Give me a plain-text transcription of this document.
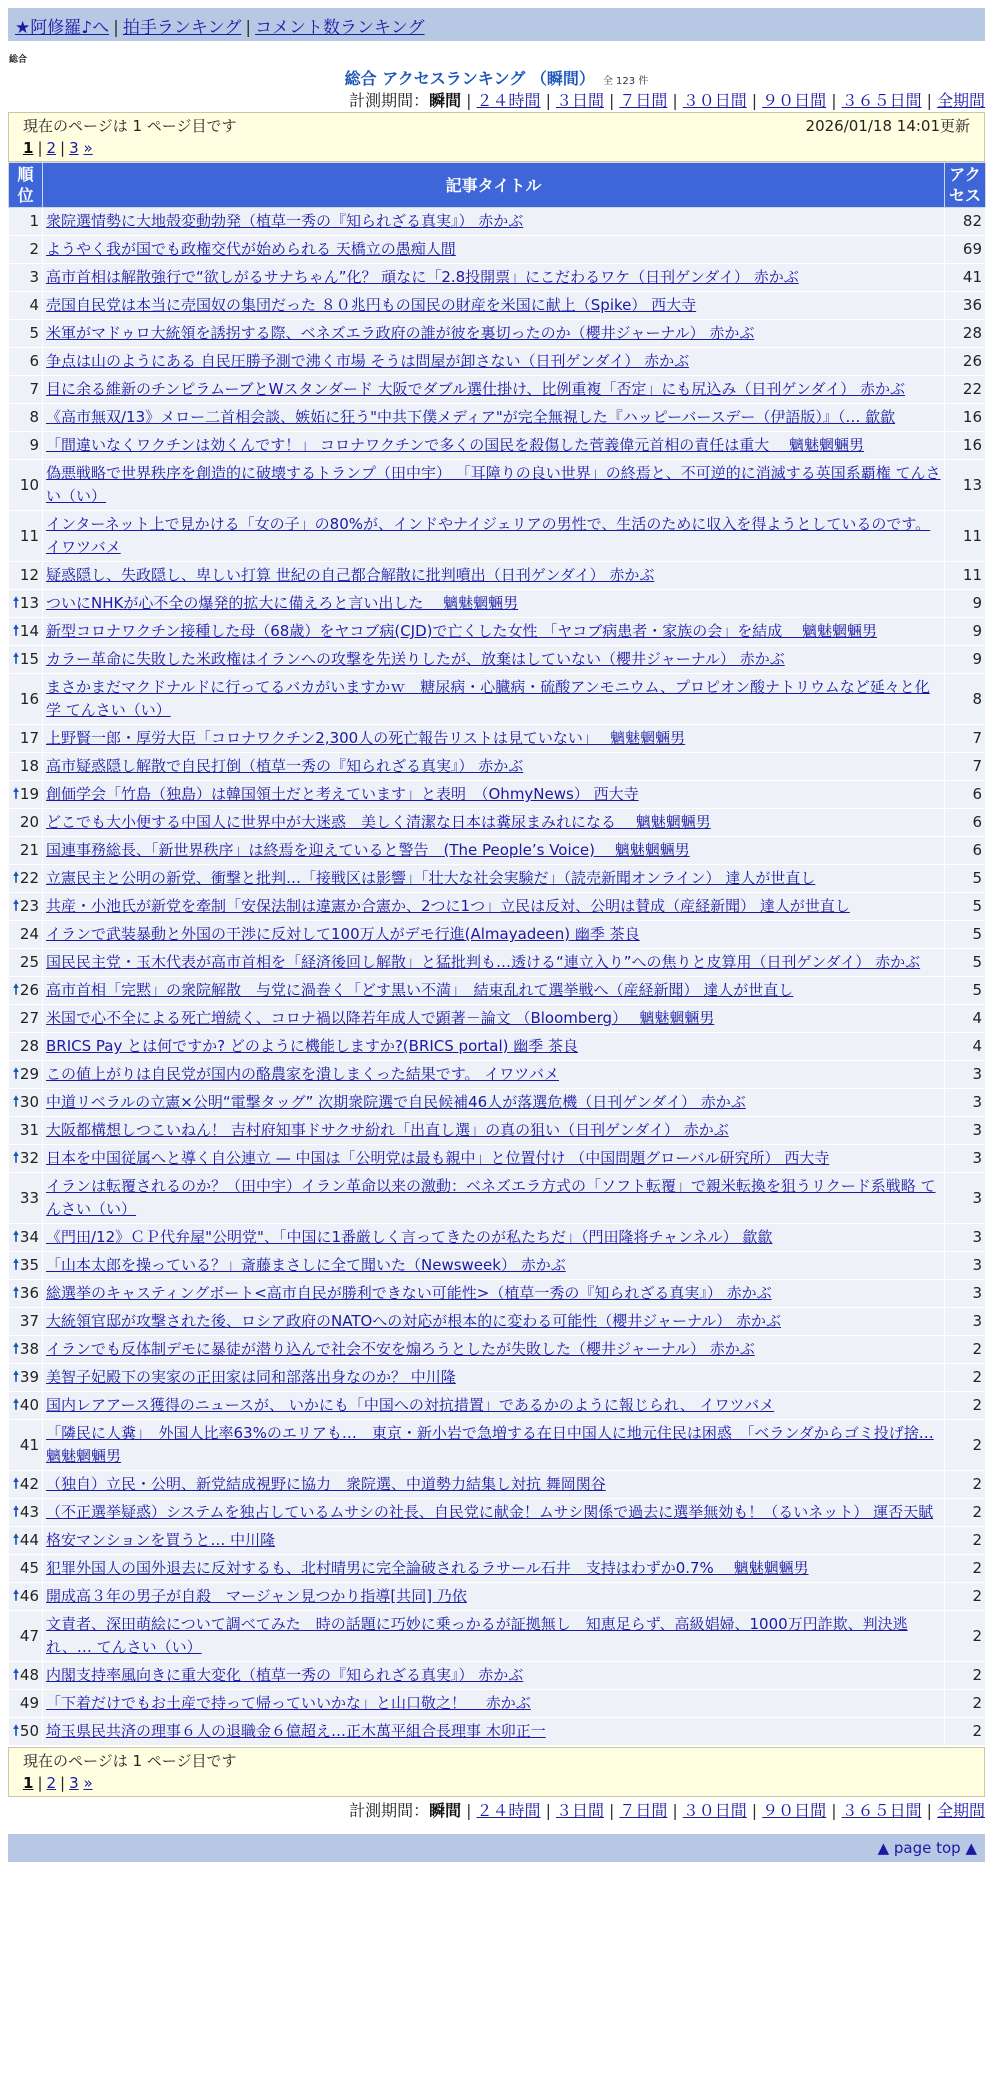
★阿修羅♪へ | 拍手ランキング | コメント数ランキング
総合
総合 アクセスランキング （瞬間） 全 123 件
計測期間：瞬間 | ２４時間 | ３日間 | ７日間 | ３０日間 | ９０日間 | ３６５日間 | 全期間
現在のページは 1 ページ目です	2026/01/18 14:01更新
1 | 2 | 3 »
順位	記事タイトル	アクセス
1	衆院選情勢に大地殻変動勃発（植草一秀の『知られざる真実』） 赤かぶ	82
2	ようやく我が国でも政権交代が始められる 天橋立の愚痴人間	69
3	高市首相は解散強行で“欲しがるサナちゃん”化？ 頑なに「2.8投開票」にこだわるワケ（日刊ゲンダイ） 赤かぶ	41
4	売国自民党は本当に売国奴の集団だった ８０兆円もの国民の財産を米国に献上（Spike） 西大寺	36
5	米軍がマドゥロ大統領を誘拐する際、ベネズエラ政府の誰が彼を裏切ったのか（櫻井ジャーナル） 赤かぶ	28
6	争点は山のようにある 自民圧勝予測で沸く市場 そうは問屋が卸さない（日刊ゲンダイ） 赤かぶ	26
7	目に余る維新のチンピラムーブとWスタンダード 大阪でダブル選仕掛け、比例重複「否定」にも尻込み（日刊ゲンダイ） 赤かぶ	22
8	《高市無双/13》メロー二首相会談、嫉妬に狂う"中共下僕メディア"が完全無視した『ハッピーバースデー（伊語版）』（… 歙歙	16
9	「間違いなくワクチンは効くんです！」 コロナワクチンで多くの国民を殺傷した菅義偉元首相の責任は重大　 魑魅魍魎男	16
10	偽悪戦略で世界秩序を創造的に破壊するトランプ（田中宇） 「耳障りの良い世界」の終焉と、不可逆的に消滅する英国系覇権 てんさい（い）	13
11	インターネット上で見かける「女の子」の80%が、インドやナイジェリアの男性で、生活のために収入を得ようとしているのです。 イワツバメ	11
12	疑惑隠し、失政隠し、卑しい打算 世紀の自己都合解散に批判噴出（日刊ゲンダイ） 赤かぶ	11

🠕 13	ついにNHKが心不全の爆発的拡大に備えろと言い出した　 魑魅魍魎男	9

🠕 14	新型コロナワクチン接種した母（68歳）をヤコブ病(CJD)で亡くした女性 「ヤコブ病患者・家族の会」を結成　 魑魅魍魎男	9

🠕 15	カラー革命に失敗した米政権はイランへの攻撃を先送りしたが、放棄はしていない（櫻井ジャーナル） 赤かぶ	9
16	まさかまだマクドナルドに行ってるバカがいますかｗ　糖尿病・心臓病・硫酸アンモニウム、プロピオン酸ナトリウムなど延々と化学 てんさい（い）	8
17	上野賢一郎・厚労大臣「コロナワクチン2,300人の死亡報告リストは見ていない」　 魑魅魍魎男	7
18	高市疑惑隠し解散で自民打倒（植草一秀の『知られざる真実』） 赤かぶ	7

🠕 19	創価学会「竹島（独島）は韓国領土だと考えています」と表明　（OhmyNews） 西大寺	6
20	どこでも大小便する中国人に世界中が大迷惑　美しく清潔な日本は糞尿まみれになる　 魑魅魍魎男	6
21	国連事務総長、「新世界秩序」は終焉を迎えていると警告　(The People’s Voice)　 魑魅魍魎男	6

🠕 22	立憲民主と公明の新党、衝撃と批判…「接戦区は影響」「壮大な社会実験だ」（読売新聞オンライン） 達人が世直し	5

🠕 23	共産・小池氏が新党を牽制「安保法制は違憲か合憲か、2つに1つ」立民は反対、公明は賛成（産経新聞） 達人が世直し	5
24	イランで武装暴動と外国の干渉に反対して100万人がデモ行進(Almayadeen) 幽季 茶良	5
25	国民民主党・玉木代表が高市首相を「経済後回し解散」と猛批判も…透ける“連立入り”への焦りと皮算用（日刊ゲンダイ） 赤かぶ	5

🠕 26	高市首相「完黙」の衆院解散　与党に渦巻く「どす黒い不満」　結束乱れて選挙戦へ（産経新聞） 達人が世直し	5
27	米国で心不全による死亡増続く、コロナ禍以降若年成人で顕著－論文 （Bloomberg）　 魑魅魍魎男	4
28	BRICS Pay とは何ですか? どのように機能しますか?(BRICS portal) 幽季 茶良	4

🠕 29	この値上がりは自民党が国内の酪農家を潰しまくった結果です。 イワツバメ	3

🠕 30	中道リベラルの立憲×公明“電撃タッグ” 次期衆院選で自民候補46人が落選危機（日刊ゲンダイ） 赤かぶ	3
31	大阪都構想しつこいねん！ 吉村府知事ドサクサ紛れ「出直し選」の真の狙い（日刊ゲンダイ） 赤かぶ	3

🠕 32	日本を中国従属へと導く自公連立 — 中国は「公明党は最も親中」と位置付け （中国問題グローバル研究所） 西大寺	3
33	イランは転覆されるのか？（田中宇）イラン革命以来の激動：ベネズエラ方式の「ソフト転覆」で親米転換を狙うリクード系戦略 てんさい（い）	3

🠕 34	《門田/12》ＣＰ代弁屋"公明党"、「中国に1番厳しく言ってきたのが私たちだ」（門田隆将チャンネル） 歙歙	3

🠕 35	「山本太郎を操っている？」斎藤まさしに全て聞いた（Newsweek） 赤かぶ	3

🠕 36	総選挙のキャスティングボート<高市自民が勝利できない可能性>（植草一秀の『知られざる真実』） 赤かぶ	3
37	大統領官邸が攻撃された後、ロシア政府のNATOへの対応が根本的に変わる可能性（櫻井ジャーナル） 赤かぶ	3

🠕 38	イランでも反体制デモに暴徒が潜り込んで社会不安を煽ろうとしたが失敗した（櫻井ジャーナル） 赤かぶ	2

🠕 39	美智子妃殿下の実家の正田家は同和部落出身なのか？ 中川隆	2

🠕 40	国内レアアース獲得のニュースが、 いかにも「中国への対抗措置」であるかのように報じられ、 イワツバメ	2
41	「隣民に人糞」　外国人比率63%のエリアも…　東京・新小岩で急増する在日中国人に地元住民は困惑　「ベランダからゴミ投げ捨… 魑魅魍魎男	2

🠕 42	（独自）立民・公明、新党結成視野に協力　衆院選、中道勢力結集し対抗 舞岡関谷	2

🠕 43	（不正選挙疑惑）システムを独占しているムサシの社長、自民党に献金！ムサシ関係で過去に選挙無効も！（るいネット） 運否天賦	2

🠕 44	格安マンションを買うと… 中川隆	2
45	犯罪外国人の国外退去に反対するも、北村晴男に完全論破されるラサール石井　支持はわずか0.7%　 魑魅魍魎男	2

🠕 46	開成高３年の男子が自殺　マージャン見つかり指導[共同] 乃依	2
47	文責者、深田萌絵について調べてみた　時の話題に巧妙に乗っかるが証拠無し　知恵足らず、高級娼婦、1000万円詐欺、判決逃れ、… てんさい（い）	2

🠕 48	内閣支持率風向きに重大変化（植草一秀の『知られざる真実』） 赤かぶ	2
49	「下着だけでもお土産で持って帰っていいかな」と山口敬之！　 赤かぶ	2

🠕 50	埼玉県民共済の理事６人の退職金６億超え…正木萬平組合長理事 木卯正一	2
現在のページは 1 ページ目です
1 | 2 | 3 »
計測期間：瞬間 | ２４時間 | ３日間 | ７日間 | ３０日間 | ９０日間 | ３６５日間 | 全期間
▲ page top ▲
